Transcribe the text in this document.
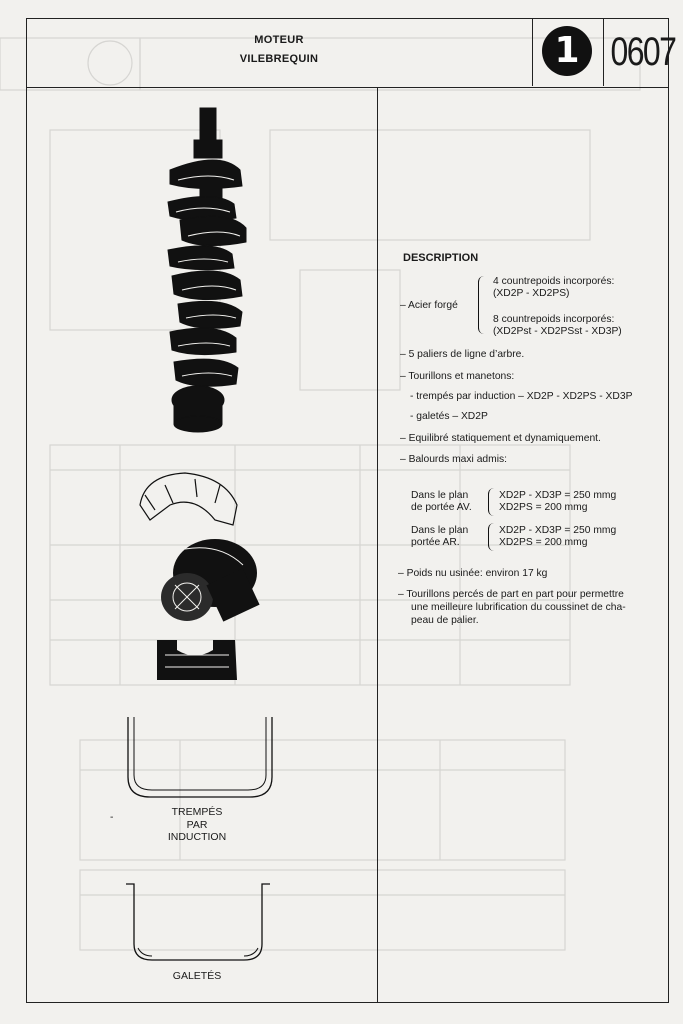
MOTEUR
VILEBREQUIN	1 0607
TREMPÉS
PAR
INDUCTION
-
GALETÉS
DESCRIPTION
– Acier forgé
4 countrepoids incorporés:
(XD2P - XD2PS)
8 countrepoids incorporés:
(XD2Pst - XD2PSst - XD3P)
– 5 paliers de ligne d’arbre.
– Tourillons et manetons:
- trempés par induction – XD2P - XD2PS - XD3P
- galetés – XD2P
– Equilibré statiquement et dynamiquement.
– Balourds maxi admis:
Dans le plan
de portée AV.
XD2P - XD3P = 250 mmg
XD2PS = 200 mmg
Dans le plan
portée AR.
XD2P - XD3P = 250 mmg
XD2PS = 200 mmg
– Poids nu usinée: environ 17 kg
– Tourillons percés de part en part pour permettre
une meilleure lubrification du coussinet de cha-
peau de palier.
